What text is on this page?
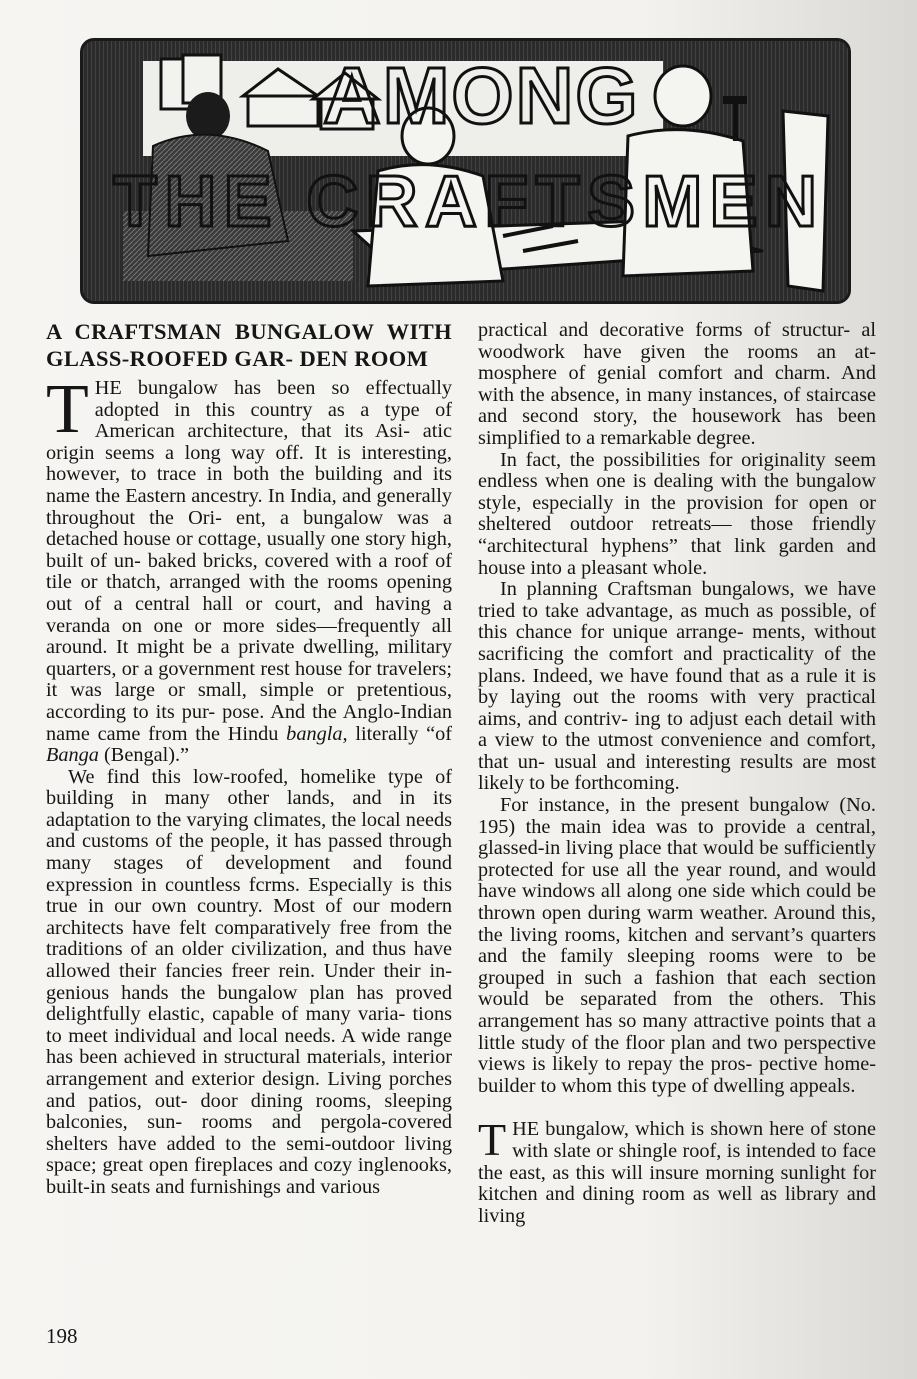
AMONG
THE CRAFTSMEN
A CRAFTSMAN BUNGALOW WITH GLASS-ROOFED GAR- DEN ROOM

THE bungalow has been so effectually adopted in this country as a type of American architecture, that its Asi- atic origin seems a long way off. It is interesting, however, to trace in both the building and its name the Eastern ancestry. In India, and generally throughout the Ori- ent, a bungalow was a detached house or cottage, usually one story high, built of un- baked bricks, covered with a roof of tile or thatch, arranged with the rooms opening out of a central hall or court, and having a veranda on one or more sides—frequently all around. It might be a private dwelling, military quarters, or a government rest house for travelers; it was large or small, simple or pretentious, according to its pur- pose. And the Anglo-Indian name came from the Hindu bangla, literally “of Banga (Bengal).”

We find this low-roofed, homelike type of building in many other lands, and in its adaptation to the varying climates, the local needs and customs of the people, it has passed through many stages of development and found expression in countless fcrms. Especially is this true in our own country. Most of our modern architects have felt comparatively free from the traditions of an older civilization, and thus have allowed their fancies freer rein. Under their in- genious hands the bungalow plan has proved delightfully elastic, capable of many varia- tions to meet individual and local needs. A wide range has been achieved in structural materials, interior arrangement and exterior design. Living porches and patios, out- door dining rooms, sleeping balconies, sun- rooms and pergola-covered shelters have added to the semi-outdoor living space; great open fireplaces and cozy inglenooks, built-in seats and furnishings and various

practical and decorative forms of structur- al woodwork have given the rooms an at- mosphere of genial comfort and charm. And with the absence, in many instances, of staircase and second story, the housework has been simplified to a remarkable degree.

In fact, the possibilities for originality seem endless when one is dealing with the bungalow style, especially in the provision for open or sheltered outdoor retreats— those friendly “architectural hyphens” that link garden and house into a pleasant whole.

In planning Craftsman bungalows, we have tried to take advantage, as much as possible, of this chance for unique arrange- ments, without sacrificing the comfort and practicality of the plans. Indeed, we have found that as a rule it is by laying out the rooms with very practical aims, and contriv- ing to adjust each detail with a view to the utmost convenience and comfort, that un- usual and interesting results are most likely to be forthcoming.

For instance, in the present bungalow (No. 195) the main idea was to provide a central, glassed-in living place that would be sufficiently protected for use all the year round, and would have windows all along one side which could be thrown open during warm weather. Around this, the living rooms, kitchen and servant’s quarters and the family sleeping rooms were to be grouped in such a fashion that each section would be separated from the others. This arrangement has so many attractive points that a little study of the floor plan and two perspective views is likely to repay the pros- pective home-builder to whom this type of dwelling appeals.

THE bungalow, which is shown here of stone with slate or shingle roof, is intended to face the east, as this will insure morning sunlight for kitchen and dining room as well as library and living

198
